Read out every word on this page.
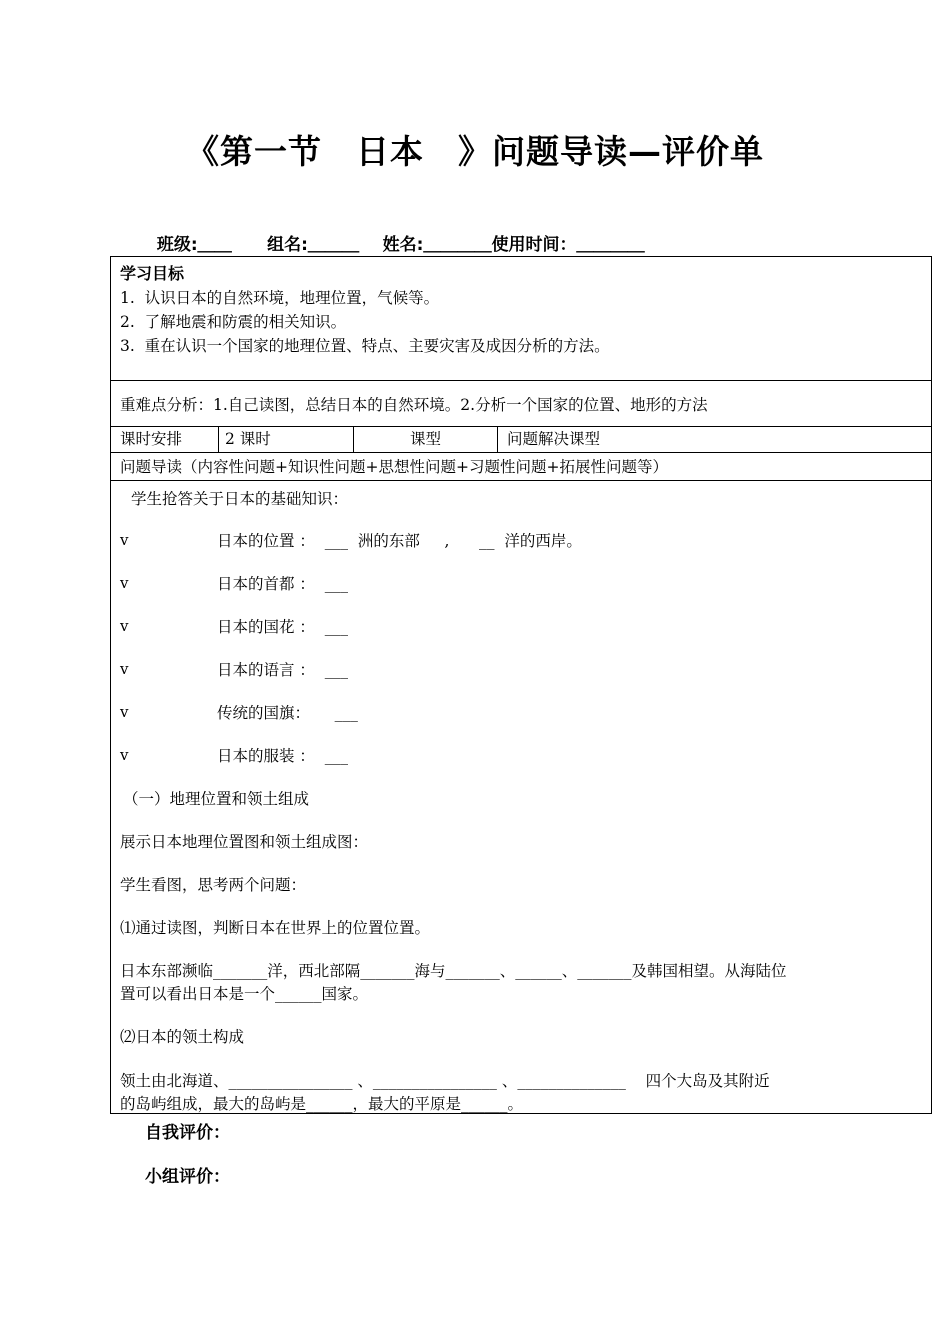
《第一节　日本　》问题导读—评价单

班级:＿＿ 组名:＿＿＿ 姓名:＿＿＿＿使用时间：＿＿＿＿

学习目标
1.  认识日本的自然环境，地理位置，气候等。
2.  了解地震和防震的相关知识。
3.  重在认识一个国家的地理位置、特点、主要灾害及成因分析的方法。
重难点分析：1.自己读图，总结日本的自然环境。2.分析一个国家的位置、地形的方法
课时安排	2 课时	课型	问题解决课型
问题导读（内容性问题+知识性问题+思想性问题+习题性问题+拓展性问题等）
学生抢答关于日本的基础知识：
v	日本的位置 ：  ___  洲的东部     ,      __  洋的西岸。
v	日本的首都 ：  ___
v	日本的国花 ：  ___
v	日本的语言 ：  ___
v	传统的国旗：     ___
v	日本的服装 ：  ___
（一）地理位置和领土组成
展示日本地理位置图和领土组成图：
学生看图，思考两个问题：
⑴通过读图，判断日本在世界上的位置位置。
日本东部濒临_______洋，西北部隔_______海与_______、______、_______及韩国相望。从海陆位
置可以看出日本是一个______国家。
⑵日本的领土构成
领土由北海道、________________ 、________________ 、______________    四个大岛及其附近
的岛屿组成，最大的岛屿是______，最大的平原是______。
自我评价：
小组评价：
